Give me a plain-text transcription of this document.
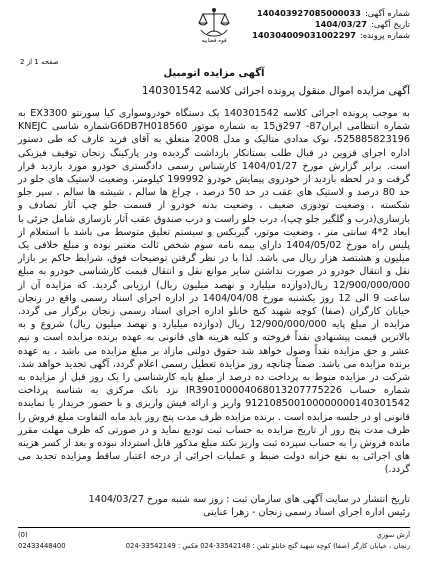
شماره آگهی:
140403927085000033
تاریخ آگهی:
1404/03/27
شماره پرونده:
140304009031002297
قوه قضاییه
صفحه 1 از 2
آگهی مزایده اتومبیل
آگهی مزایده اموال منقول پرونده اجرائی کلاسه 140301542

به موجب پرونده اجرائی کلاسه 140301542 یک دستگاه خودروسواری کیا سورنتو EX3300 به شماره انتظامی ایران87- 297ق15 به شماره موتور G6DB7H018560شماره شاسی KNEJC 525885823196، نوک مدادی متالیک و مدل 2008 متعلق به آقای فرید عارف که طی دستور اداره اجرای قزوین در قبال طلب بستانکار بازداشت گردیده ودر پارکینگ زنجان توقیف فیزیکی است. برابر گزارش مورخ 1404/01/27 کارشناس رسمی دادگستری خودرو مورد بازدید قرار گرفت و در لحظه بازدید از خودروی پیمایش خودرو 199992 کیلومتر، وضعیت لاستیک های جلو در حد 80 درصد و لاستیک های عقب در حد 50 درصد ، چراغ ها سالم ، شیشه ها سالم ، سپر جلو شکسته ، وضعیت تودوزی ضعیف ، وضعیت بدنه خودرو از قسمت جلو چپ آثار تصادف و بازسازی(درب و گلگیر جلو چپ)، درب جلو راست و درب صندوق عقب آثار بازسازی شامل جزئی با ابعاد 2*4 سانتی متر ، وضعیت موتور، گیربکس و سیستم تعلیق متوسط می باشد با استعلام از پلیس راه مورخ 1404/05/02 دارای بیمه نامه سوم شخص ثالث معتبر بوده و مبلغ خلافی یک میلیون و هشتصد هزار ریال می باشد. لذا با در نظر گرفتن توضیحات فوق، شرایط حاکم بر بازار نقل و انتقال خودرو در صورت نداشتن سایر موانع نقل و انتقال قیمت کارشناسی خودرو به مبلغ 12/900/000/000 ریال(دوازده میلیارد و نهصد میلیون ریال) ارزیابی گردید. که مزایده آن از ساعت 9 الی 12 روز یکشنبه مورخ 1404/04/08 در اداره اجرای اسناد رسمی واقع در زنجان خیابان کارگران (صفا) کوچه شهید کنج خانلو اداره اجرای اسناد رسمی زنجان برگزار می گردد. مزایده از مبلغ پایه 12/900/000/000 ریال (دوازده میلیارد و نهصد میلیون ریال) شروع و به بالاترین قیمت پیشنهادی نقداً فروخته و کلیه هزینه های قانونی به عهده برنده مزایده است و نیم عشر و حق مزایده نقداً وصول خواهد شد حقوق دولتی مازاد بر مبلغ مزایده می باشد ، به عهده برنده مزایده می باشد. ضمناً چنانچه روز مزایده تعطیل رسمی اعلام گردد، آگهی تجدید خواهد شد. شرکت در مزایده منوط به پرداخت ده درصد از مبلغ پایه کارشناسی را یک روز قبل از مزایده به شماره حساب IR390100004068013207775226 نزد بانک مرکزی به شناسه پرداخت 912108500100000000140301542 واریز و ارائه فیش واریزی و با حضور خریدار یا نماینده قانونی او در جلسه مزایده است . برنده مزایده ظرف مدت پنج روز باید مابه التفاوت مبلغ فروش را ظرف مدت پنج روز از تاریخ مزایده به حساب ثبت تودیع نماید و در صورتی که ظرف مهلت مقرر مانده فروش را به حساب سپرده ثبت واریز نکند مبلغ مذکور قابل استرداد نبوده و بعد از کسر هزینه های اجرائی به نفع خزانه دولت ضبط و عملیات اجرائی از درجه اعتبار ساقط ومزایده تجدید می گردد.)

تاریخ انتشار در سایت آگهی های سازمان ثبت : روز سه شنبه مورخ 1404/03/27
رئیس اداره اجرای اسناد رسمی زنجان - زهرا عنایتی
آرش سوري
(0)
زنجان ، خیابان کارگر (صفا) کوچه شهید گنج خانلو تلفن : 33542148-024 فکس : 33542149-024
02433448400
